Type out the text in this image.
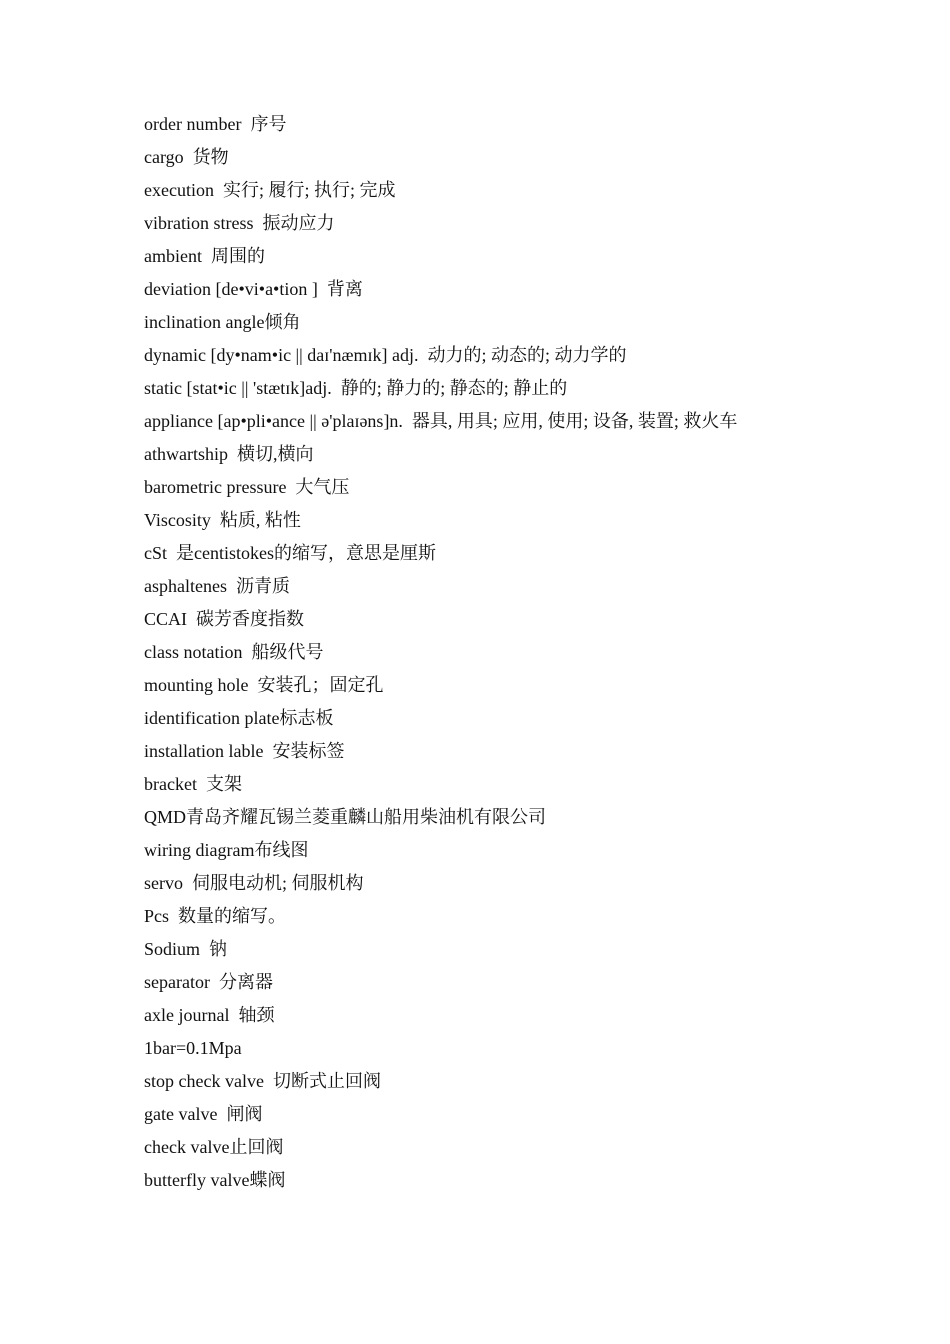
order number  序号
cargo  货物
execution  实行; 履行; 执行; 完成
vibration stress  振动应力
ambient  周围的
deviation [de•vi•a•tion ]  背离
inclination angle倾角
dynamic [dy•nam•ic || daɪ'næmɪk] adj.  动力的; 动态的; 动力学的
static [stat•ic || 'stætɪk]adj.  静的; 静力的; 静态的; 静止的
appliance [ap•pli•ance || ə'plaɪəns]n.  器具, 用具; 应用, 使用; 设备, 装置; 救火车
athwartship  横切,横向
barometric pressure  大气压
Viscosity  粘质, 粘性
cSt  是centistokes的缩写，意思是厘斯
asphaltenes  沥青质
CCAI  碳芳香度指数
class notation  船级代号
mounting hole  安装孔；固定孔
identification plate标志板
installation lable  安装标签
bracket  支架
QMD青岛齐耀瓦锡兰菱重麟山船用柴油机有限公司
wiring diagram布线图
servo  伺服电动机; 伺服机构
Pcs  数量的缩写。
Sodium  钠
separator  分离器
axle journal  轴颈
1bar=0.1Mpa
stop check valve  切断式止回阀
gate valve  闸阀
check valve止回阀
butterfly valve蝶阀
